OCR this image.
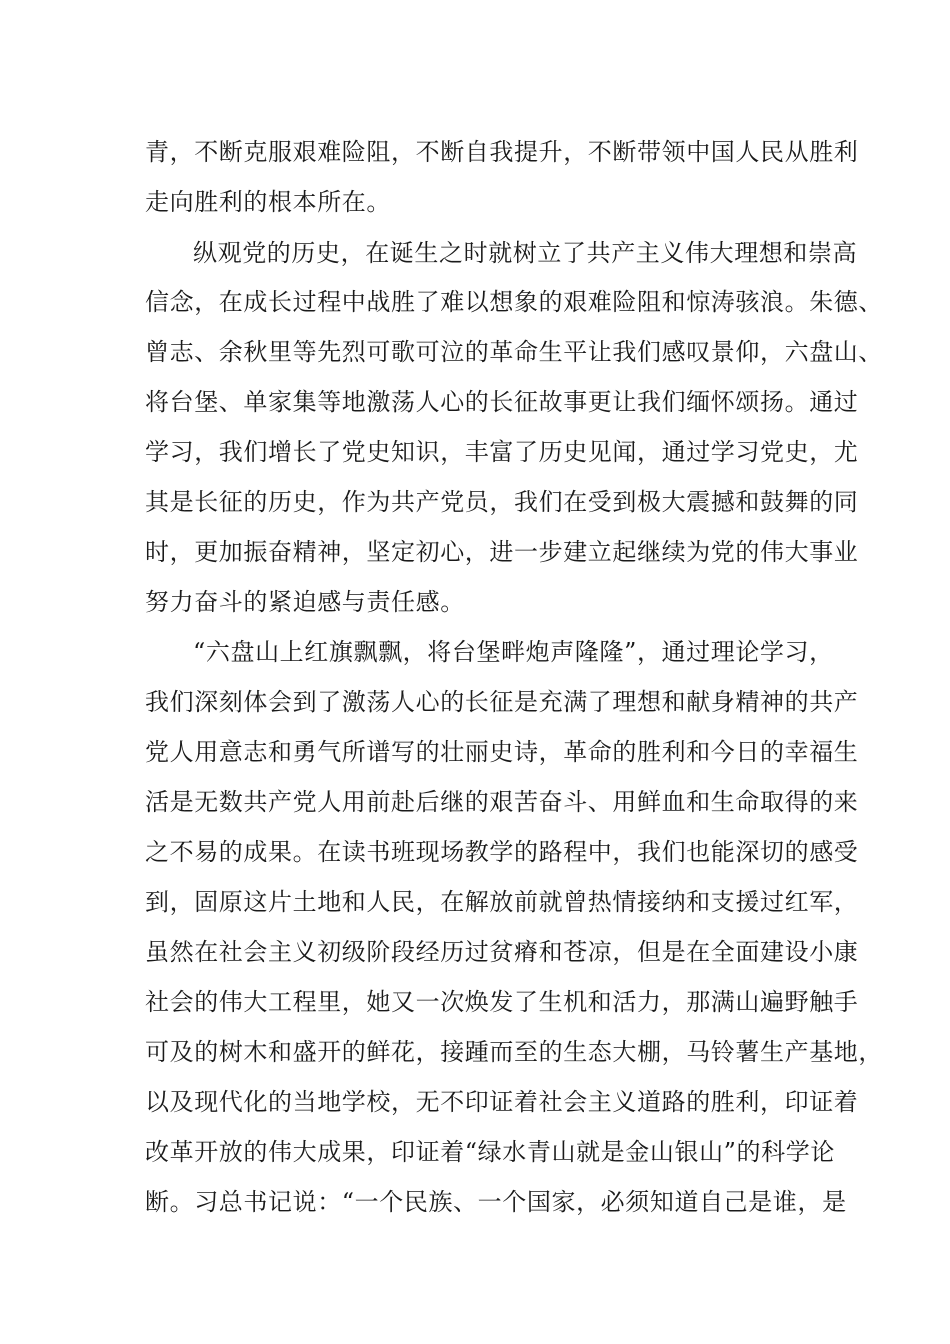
青，不断克服艰难险阻，不断自我提升，不断带领中国人民从胜利
走向胜利的根本所在。
纵观党的历史，在诞生之时就树立了共产主义伟大理想和崇高
信念，在成长过程中战胜了难以想象的艰难险阻和惊涛骇浪。朱德、
曾志、余秋里等先烈可歌可泣的革命生平让我们感叹景仰，六盘山、
将台堡、单家集等地激荡人心的长征故事更让我们缅怀颂扬。通过
学习，我们增长了党史知识，丰富了历史见闻，通过学习党史，尤
其是长征的历史，作为共产党员，我们在受到极大震撼和鼓舞的同
时，更加振奋精神，坚定初心，进一步建立起继续为党的伟大事业
努力奋斗的紧迫感与责任感。
“六盘山上红旗飘飘，将台堡畔炮声隆隆”，通过理论学习，
我们深刻体会到了激荡人心的长征是充满了理想和献身精神的共产
党人用意志和勇气所谱写的壮丽史诗，革命的胜利和今日的幸福生
活是无数共产党人用前赴后继的艰苦奋斗、用鲜血和生命取得的来
之不易的成果。在读书班现场教学的路程中，我们也能深切的感受
到，固原这片土地和人民，在解放前就曾热情接纳和支援过红军，
虽然在社会主义初级阶段经历过贫瘠和苍凉，但是在全面建设小康
社会的伟大工程里，她又一次焕发了生机和活力，那满山遍野触手
可及的树木和盛开的鲜花，接踵而至的生态大棚，马铃薯生产基地，
以及现代化的当地学校，无不印证着社会主义道路的胜利，印证着
改革开放的伟大成果，印证着“绿水青山就是金山银山”的科学论
断。习总书记说：“一个民族、一个国家，必须知道自己是谁，是
